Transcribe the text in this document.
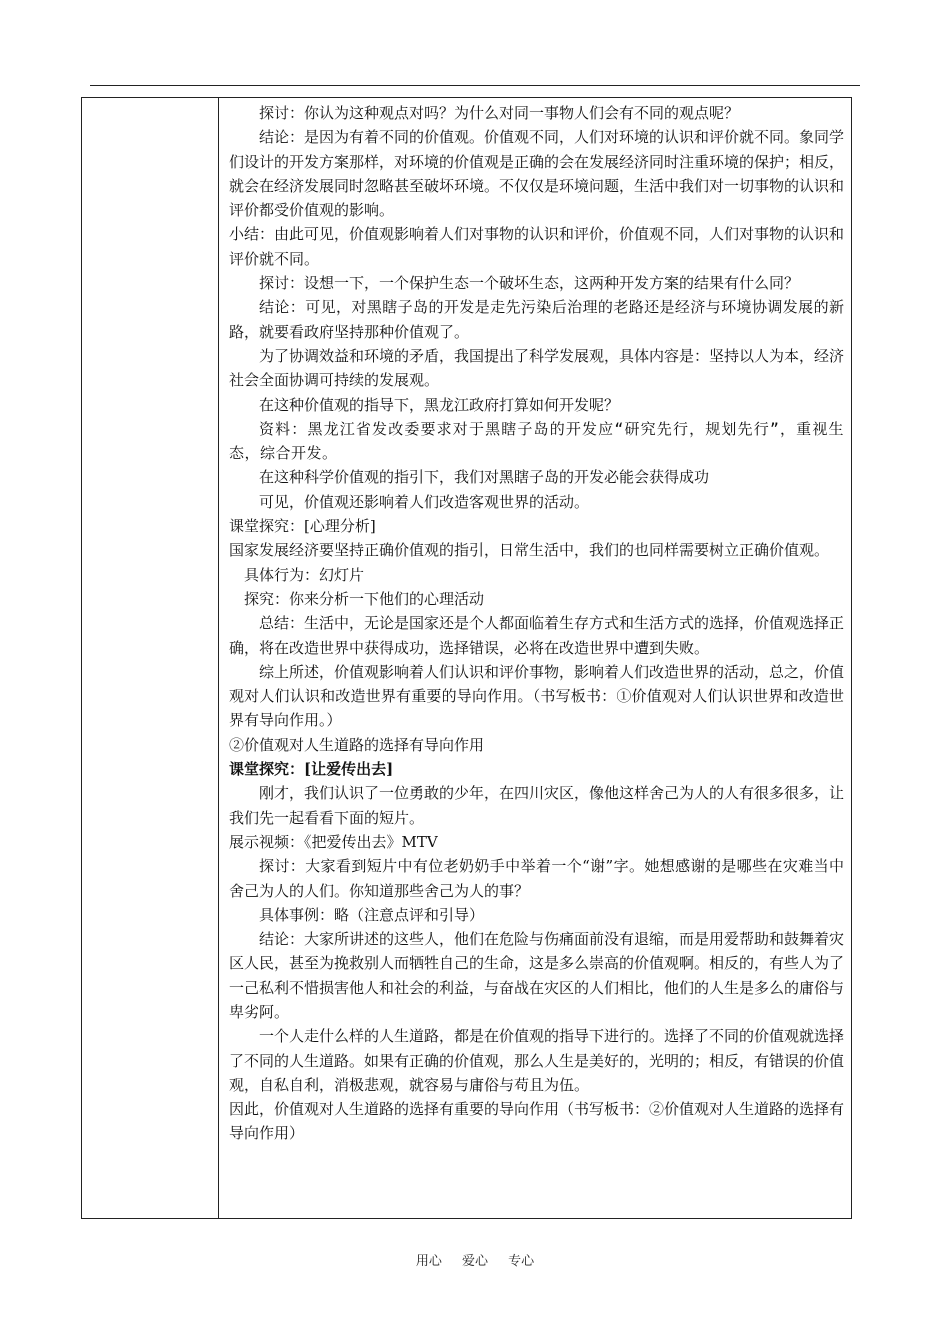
探讨：你认为这种观点对吗？为什么对同一事物人们会有不同的观点呢？

结论：是因为有着不同的价值观。价值观不同，人们对环境的认识和评价就不同。象同学们设计的开发方案那样，对环境的价值观是正确的会在发展经济同时注重环境的保护；相反，就会在经济发展同时忽略甚至破坏环境。不仅仅是环境问题，生活中我们对一切事物的认识和评价都受价值观的影响。

小结：由此可见，价值观影响着人们对事物的认识和评价，价值观不同，人们对事物的认识和评价就不同。

探讨：设想一下，一个保护生态一个破坏生态，这两种开发方案的结果有什么同？

结论：可见，对黑瞎子岛的开发是走先污染后治理的老路还是经济与环境协调发展的新路，就要看政府坚持那种价值观了。

为了协调效益和环境的矛盾，我国提出了科学发展观，具体内容是：坚持以人为本，经济社会全面协调可持续的发展观。

在这种价值观的指导下，黑龙江政府打算如何开发呢？

资料：黑龙江省发改委要求对于黑瞎子岛的开发应“研究先行，规划先行”，重视生态，综合开发。

在这种科学价值观的指引下，我们对黑瞎子岛的开发必能会获得成功

可见，价值观还影响着人们改造客观世界的活动。

课堂探究：[心理分析]

国家发展经济要坚持正确价值观的指引，日常生活中，我们的也同样需要树立正确价值观。

具体行为：幻灯片

探究：你来分析一下他们的心理活动

总结：生活中，无论是国家还是个人都面临着生存方式和生活方式的选择，价值观选择正确，将在改造世界中获得成功，选择错误，必将在改造世界中遭到失败。

综上所述，价值观影响着人们认识和评价事物，影响着人们改造世界的活动，总之，价值观对人们认识和改造世界有重要的导向作用。（书写板书：①价值观对人们认识世界和改造世界有导向作用。）

②价值观对人生道路的选择有导向作用

课堂探究：[让爱传出去]

刚才，我们认识了一位勇敢的少年，在四川灾区，像他这样舍己为人的人有很多很多，让我们先一起看看下面的短片。

展示视频：《把爱传出去》MTV

探讨：大家看到短片中有位老奶奶手中举着一个“谢”字。她想感谢的是哪些在灾难当中舍己为人的人们。你知道那些舍己为人的事？

具体事例：略（注意点评和引导）

结论：大家所讲述的这些人，他们在危险与伤痛面前没有退缩，而是用爱帮助和鼓舞着灾区人民，甚至为挽救别人而牺牲自己的生命，这是多么崇高的价值观啊。相反的，有些人为了一己私利不惜损害他人和社会的利益，与奋战在灾区的人们相比，他们的人生是多么的庸俗与卑劣阿。

一个人走什么样的人生道路，都是在价值观的指导下进行的。选择了不同的价值观就选择了不同的人生道路。如果有正确的价值观，那么人生是美好的，光明的；相反，有错误的价值观，自私自利，消极悲观，就容易与庸俗与苟且为伍。

因此，价值观对人生道路的选择有重要的导向作用（书写板书：②价值观对人生道路的选择有导向作用）

用心 爱心 专心
